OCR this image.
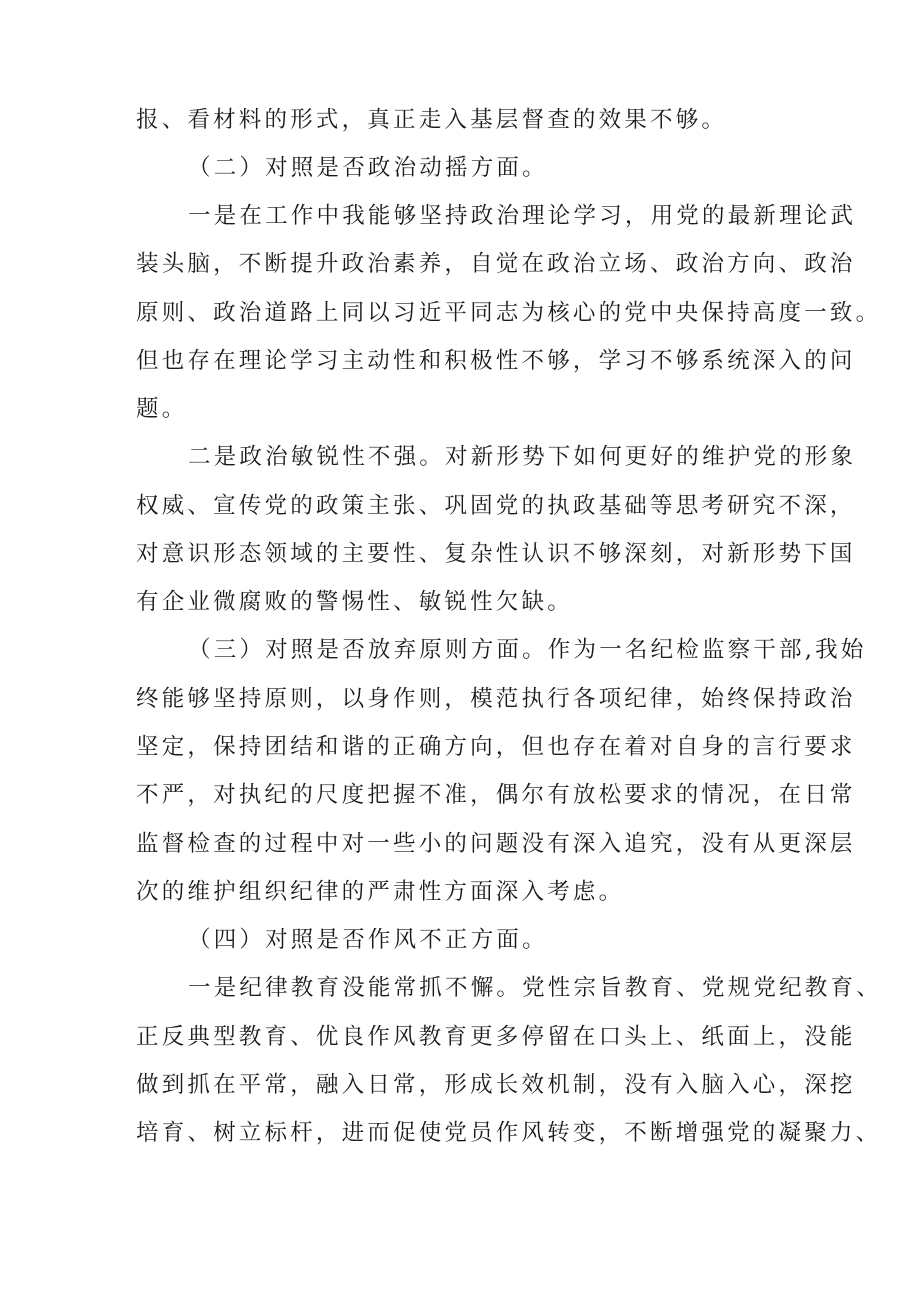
报、看材料的形式，真正走入基层督查的效果不够。
（二）对照是否政治动摇方面。
一是在工作中我能够坚持政治理论学习，用党的最新理论武
装头脑，不断提升政治素养，自觉在政治立场、政治方向、政治
原则、政治道路上同以习近平同志为核心的党中央保持高度一致。
但也存在理论学习主动性和积极性不够，学习不够系统深入的问
题。
二是政治敏锐性不强。对新形势下如何更好的维护党的形象
权威、宣传党的政策主张、巩固党的执政基础等思考研究不深，
对意识形态领域的主要性、复杂性认识不够深刻，对新形势下国
有企业微腐败的警惕性、敏锐性欠缺。
（三）对照是否放弃原则方面。作为一名纪检监察干部,我始
终能够坚持原则，以身作则，模范执行各项纪律，始终保持政治
坚定，保持团结和谐的正确方向，但也存在着对自身的言行要求
不严，对执纪的尺度把握不准，偶尔有放松要求的情况，在日常
监督检查的过程中对一些小的问题没有深入追究，没有从更深层
次的维护组织纪律的严肃性方面深入考虑。
（四）对照是否作风不正方面。
一是纪律教育没能常抓不懈。党性宗旨教育、党规党纪教育、
正反典型教育、优良作风教育更多停留在口头上、纸面上，没能
做到抓在平常，融入日常，形成长效机制，没有入脑入心，深挖
培育、树立标杆，进而促使党员作风转变，不断增强党的凝聚力、
